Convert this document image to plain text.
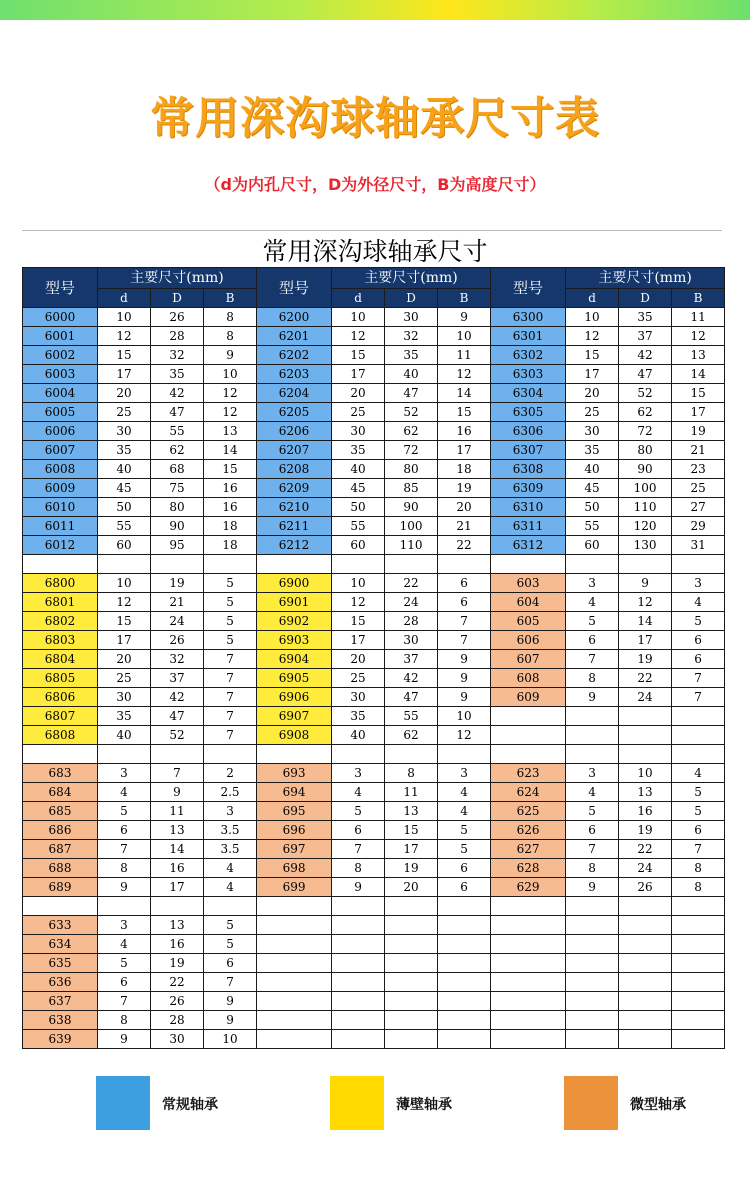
常用深沟球轴承尺寸表
（d为内孔尺寸，D为外径尺寸，B为高度尺寸）
常用深沟球轴承尺寸
型号	主要尺寸(mm)			型号	主要尺寸(mm)			型号	主要尺寸(mm)		
	d	D	B		d	D	B		d	D	B
6000	10	26	8	6200	10	30	9	6300	10	35	11
6001	12	28	8	6201	12	32	10	6301	12	37	12
6002	15	32	9	6202	15	35	11	6302	15	42	13
6003	17	35	10	6203	17	40	12	6303	17	47	14
6004	20	42	12	6204	20	47	14	6304	20	52	15
6005	25	47	12	6205	25	52	15	6305	25	62	17
6006	30	55	13	6206	30	62	16	6306	30	72	19
6007	35	62	14	6207	35	72	17	6307	35	80	21
6008	40	68	15	6208	40	80	18	6308	40	90	23
6009	45	75	16	6209	45	85	19	6309	45	100	25
6010	50	80	16	6210	50	90	20	6310	50	110	27
6011	55	90	18	6211	55	100	21	6311	55	120	29
6012	60	95	18	6212	60	110	22	6312	60	130	31

6800	10	19	5	6900	10	22	6	603	3	9	3
6801	12	21	5	6901	12	24	6	604	4	12	4
6802	15	24	5	6902	15	28	7	605	5	14	5
6803	17	26	5	6903	17	30	7	606	6	17	6
6804	20	32	7	6904	20	37	9	607	7	19	6
6805	25	37	7	6905	25	42	9	608	8	22	7
6806	30	42	7	6906	30	47	9	609	9	24	7
6807	35	47	7	6907	35	55	10				
6808	40	52	7	6908	40	62	12				

683	3	7	2	693	3	8	3	623	3	10	4
684	4	9	2.5	694	4	11	4	624	4	13	5
685	5	11	3	695	5	13	4	625	5	16	5
686	6	13	3.5	696	6	15	5	626	6	19	6
687	7	14	3.5	697	7	17	5	627	7	22	7
688	8	16	4	698	8	19	6	628	8	24	8
689	9	17	4	699	9	20	6	629	9	26	8

633	3	13	5								
634	4	16	5								
635	5	19	6								
636	6	22	7								
637	7	26	9								
638	8	28	9								
639	9	30	10								
常规轴承	薄壁轴承	微型轴承
